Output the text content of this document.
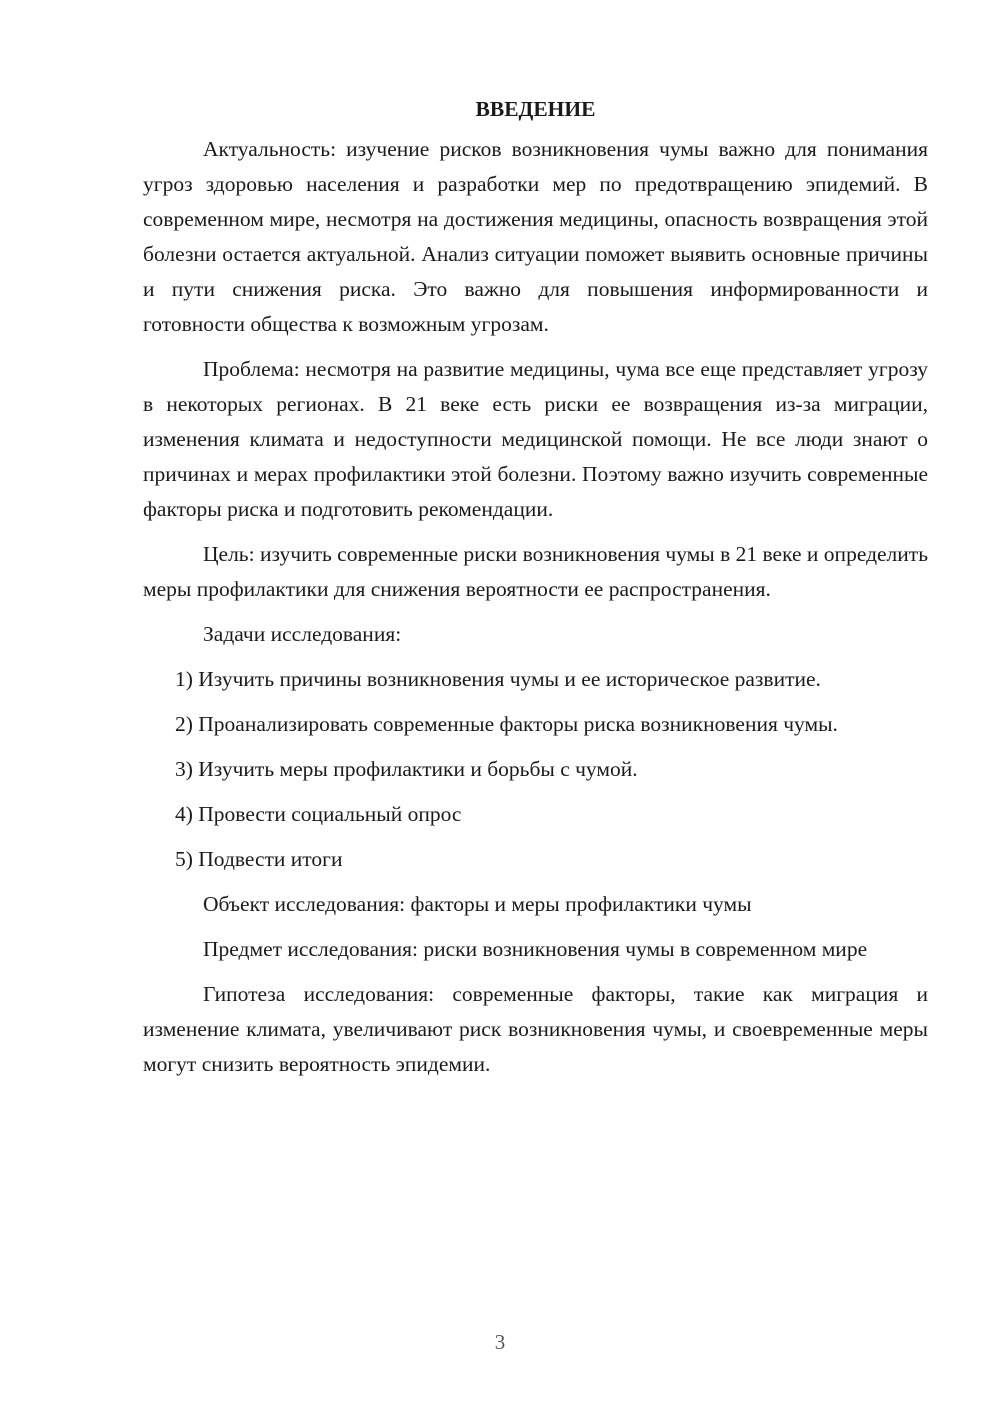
ВВЕДЕНИЕ

Актуальность: изучение рисков возникновения чумы важно для понимания угроз здоровью населения и разработки мер по предотвращению эпидемий. В современном мире, несмотря на достижения медицины, опасность возвращения этой болезни остается актуальной. Анализ ситуации поможет выявить основные причины и пути снижения риска. Это важно для повышения информированности и готовности общества к возможным угрозам.

Проблема: несмотря на развитие медицины, чума все еще представляет угрозу в некоторых регионах. В 21 веке есть риски ее возвращения из-за миграции, изменения климата и недоступности медицинской помощи. Не все люди знают о причинах и мерах профилактики этой болезни. Поэтому важно изучить современные факторы риска и подготовить рекомендации.

Цель: изучить современные риски возникновения чумы в 21 веке и определить меры профилактики для снижения вероятности ее распространения.

Задачи исследования:

1) Изучить причины возникновения чумы и ее историческое развитие.

2) Проанализировать современные факторы риска возникновения чумы.

3) Изучить меры профилактики и борьбы с чумой.

4) Провести социальный опрос

5) Подвести итоги

Объект исследования: факторы и меры профилактики чумы

Предмет исследования: риски возникновения чумы в современном мире

Гипотеза исследования: современные факторы, такие как миграция и изменение климата, увеличивают риск возникновения чумы, и своевременные меры могут снизить вероятность эпидемии.

3
